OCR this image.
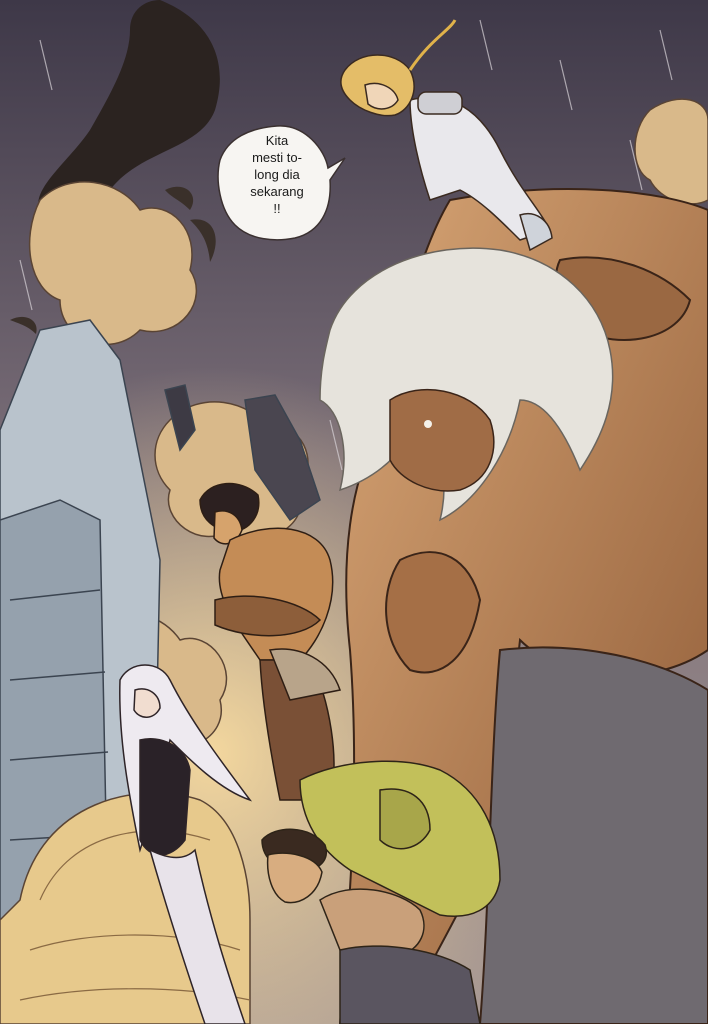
Kita
mesti to-
long dia
sekarang
!!
